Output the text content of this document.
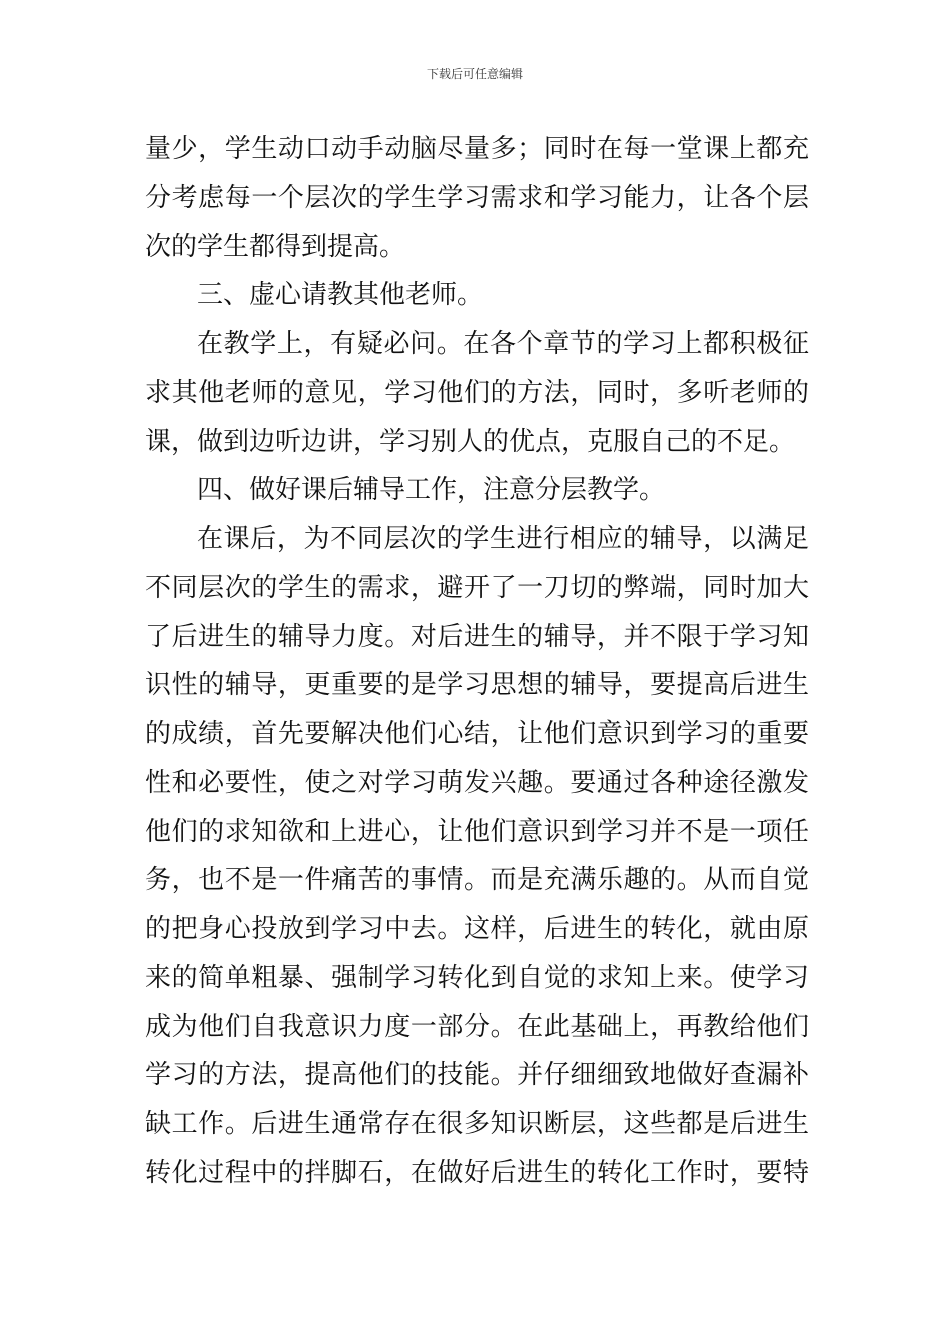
下载后可任意编辑
量少，学生动口动手动脑尽量多；同时在每一堂课上都充
分考虑每一个层次的学生学习需求和学习能力，让各个层
次的学生都得到提高。
三、虚心请教其他老师。
在教学上，有疑必问。在各个章节的学习上都积极征
求其他老师的意见，学习他们的方法，同时，多听老师的
课，做到边听边讲，学习别人的优点，克服自己的不足。
四、做好课后辅导工作，注意分层教学。
在课后，为不同层次的学生进行相应的辅导，以满足
不同层次的学生的需求，避开了一刀切的弊端，同时加大
了后进生的辅导力度。对后进生的辅导，并不限于学习知
识性的辅导，更重要的是学习思想的辅导，要提高后进生
的成绩，首先要解决他们心结，让他们意识到学习的重要
性和必要性，使之对学习萌发兴趣。要通过各种途径激发
他们的求知欲和上进心，让他们意识到学习并不是一项任
务，也不是一件痛苦的事情。而是充满乐趣的。从而自觉
的把身心投放到学习中去。这样，后进生的转化，就由原
来的简单粗暴、强制学习转化到自觉的求知上来。使学习
成为他们自我意识力度一部分。在此基础上，再教给他们
学习的方法，提高他们的技能。并仔细细致地做好查漏补
缺工作。后进生通常存在很多知识断层，这些都是后进生
转化过程中的拌脚石，在做好后进生的转化工作时，要特
